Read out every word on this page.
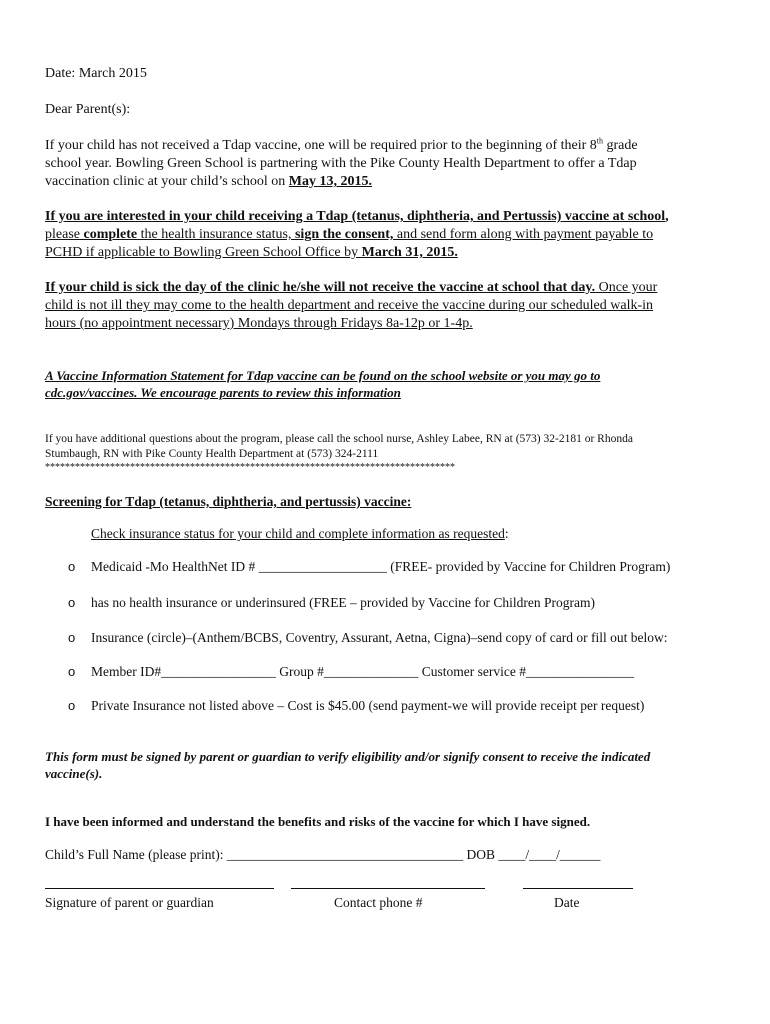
Date: March 2015
Dear Parent(s):
If your child has not received a Tdap vaccine, one will be required prior to the beginning of their 8th grade
school year. Bowling Green School is partnering with the Pike County Health Department to offer a Tdap
vaccination clinic at your child’s school on May 13, 2015.
If you are interested in your child receiving a Tdap (tetanus, diphtheria, and Pertussis) vaccine at school,
please complete the health insurance status, sign the consent, and send form along with payment payable to
PCHD if applicable to Bowling Green School Office by March 31, 2015.
If your child is sick the day of the clinic he/she will not receive the vaccine at school that day. Once your
child is not ill they may come to the health department and receive the vaccine during our scheduled walk-in
hours (no appointment necessary) Mondays through Fridays 8a-12p or 1-4p.
A Vaccine Information Statement for Tdap vaccine can be found on the school website or you may go to
cdc.gov/vaccines. We encourage parents to review this information
If you have additional questions about the program, please call the school nurse, Ashley Labee, RN at (573) 32-2181 or Rhonda
Stumbaugh, RN with Pike County Health Department at (573) 324-2111
**********************************************************************************
Screening for Tdap (tetanus, diphtheria, and pertussis) vaccine:
Check insurance status for your child and complete information as requested:
o Medicaid -Mo HealthNet ID # ___________________ (FREE- provided by Vaccine for Children Program)
o has no health insurance or underinsured (FREE – provided by Vaccine for Children Program)
o Insurance (circle)–(Anthem/BCBS, Coventry, Assurant, Aetna, Cigna)–send copy of card or fill out below:
o Member ID#_________________ Group #______________ Customer service #________________
o Private Insurance not listed above – Cost is $45.00 (send payment-we will provide receipt per request)
This form must be signed by parent or guardian to verify eligibility and/or signify consent to receive the indicated
vaccine(s).
I have been informed and understand the benefits and risks of the vaccine for which I have signed.
Child’s Full Name (please print): ___________________________________ DOB ____/____/______
Signature of parent or guardian	Contact phone #	Date
